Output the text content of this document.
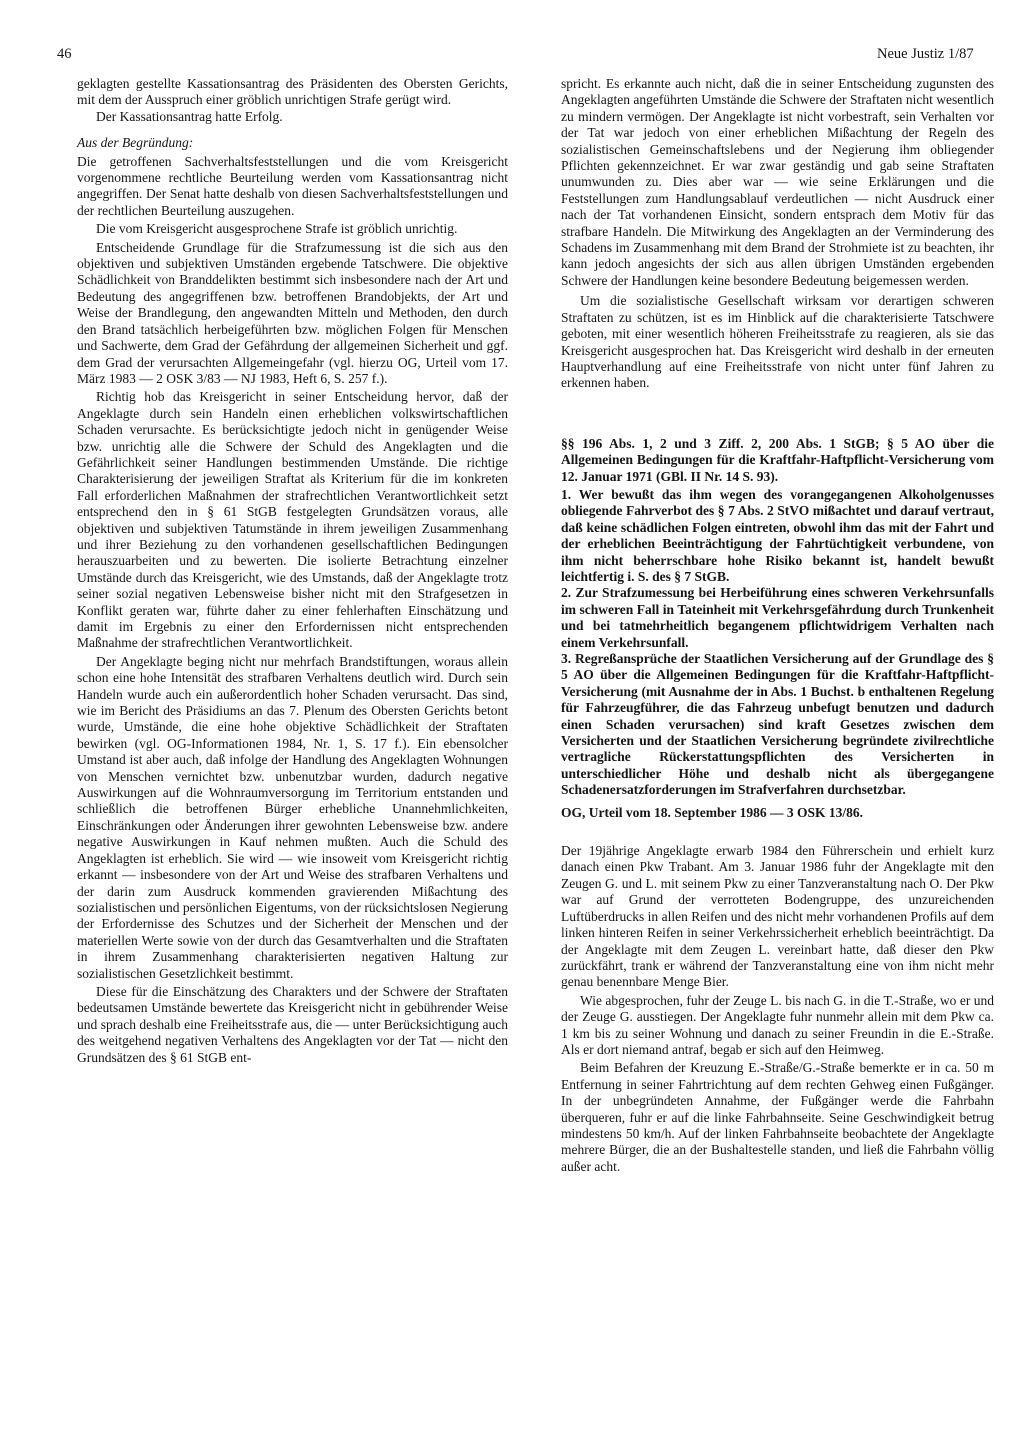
46	Neue Justiz 1/87

geklagten gestellte Kassationsantrag des Präsidenten des Obersten Gerichts, mit dem der Ausspruch einer gröblich unrichtigen Strafe gerügt wird.

Der Kassationsantrag hatte Erfolg.

Aus der Begründung:

Die getroffenen Sachverhaltsfeststellungen und die vom Kreisgericht vorgenommene rechtliche Beurteilung werden vom Kassationsantrag nicht angegriffen. Der Senat hatte deshalb von diesen Sachverhaltsfeststellungen und der rechtlichen Beurteilung auszugehen.

Die vom Kreisgericht ausgesprochene Strafe ist gröblich unrichtig.

Entscheidende Grundlage für die Strafzumessung ist die sich aus den objektiven und subjektiven Umständen ergebende Tatschwere. Die objektive Schädlichkeit von Branddelikten bestimmt sich insbesondere nach der Art und Bedeutung des angegriffenen bzw. betroffenen Brandobjekts, der Art und Weise der Brandlegung, den angewandten Mitteln und Methoden, den durch den Brand tatsächlich herbeigeführten bzw. möglichen Folgen für Menschen und Sachwerte, dem Grad der Gefährdung der allgemeinen Sicherheit und ggf. dem Grad der verursachten Allgemeingefahr (vgl. hierzu OG, Urteil vom 17. März 1983 — 2 OSK 3/83 — NJ 1983, Heft 6, S. 257 f.).

Richtig hob das Kreisgericht in seiner Entscheidung hervor, daß der Angeklagte durch sein Handeln einen erheblichen volkswirtschaftlichen Schaden verursachte. Es berücksichtigte jedoch nicht in genügender Weise bzw. unrichtig alle die Schwere der Schuld des Angeklagten und die Gefährlichkeit seiner Handlungen bestimmenden Umstände. Die richtige Charakterisierung der jeweiligen Straftat als Kriterium für die im konkreten Fall erforderlichen Maßnahmen der strafrechtlichen Verantwortlichkeit setzt entsprechend den in § 61 StGB festgelegten Grundsätzen voraus, alle objektiven und subjektiven Tatumstände in ihrem jeweiligen Zusammenhang und ihrer Beziehung zu den vorhandenen gesellschaftlichen Bedingungen herauszuarbeiten und zu bewerten. Die isolierte Betrachtung einzelner Umstände durch das Kreisgericht, wie des Umstands, daß der Angeklagte trotz seiner sozial negativen Lebensweise bisher nicht mit den Strafgesetzen in Konflikt geraten war, führte daher zu einer fehlerhaften Einschätzung und damit im Ergebnis zu einer den Erfordernissen nicht entsprechenden Maßnahme der strafrechtlichen Verantwortlichkeit.

Der Angeklagte beging nicht nur mehrfach Brandstiftungen, woraus allein schon eine hohe Intensität des strafbaren Verhaltens deutlich wird. Durch sein Handeln wurde auch ein außerordentlich hoher Schaden verursacht. Das sind, wie im Bericht des Präsidiums an das 7. Plenum des Obersten Gerichts betont wurde, Umstände, die eine hohe objektive Schädlichkeit der Straftaten bewirken (vgl. OG-Informationen 1984, Nr. 1, S. 17 f.). Ein ebensolcher Umstand ist aber auch, daß infolge der Handlung des Angeklagten Wohnungen von Menschen vernichtet bzw. unbenutzbar wurden, dadurch negative Auswirkungen auf die Wohnraumversorgung im Territorium entstanden und schließlich die betroffenen Bürger erhebliche Unannehmlichkeiten, Einschränkungen oder Änderungen ihrer gewohnten Lebensweise bzw. andere negative Auswirkungen in Kauf nehmen mußten. Auch die Schuld des Angeklagten ist erheblich. Sie wird — wie insoweit vom Kreisgericht richtig erkannt — insbesondere von der Art und Weise des strafbaren Verhaltens und der darin zum Ausdruck kommenden gravierenden Mißachtung des sozialistischen und persönlichen Eigentums, von der rücksichtslosen Negierung der Erfordernisse des Schutzes und der Sicherheit der Menschen und der materiellen Werte sowie von der durch das Gesamtverhalten und die Straftaten in ihrem Zusammenhang charakterisierten negativen Haltung zur sozialistischen Gesetzlichkeit bestimmt.

Diese für die Einschätzung des Charakters und der Schwere der Straftaten bedeutsamen Umstände bewertete das Kreisgericht nicht in gebührender Weise und sprach deshalb eine Freiheitsstrafe aus, die — unter Berücksichtigung auch des weitgehend negativen Verhaltens des Angeklagten vor der Tat — nicht den Grundsätzen des § 61 StGB ent-

spricht. Es erkannte auch nicht, daß die in seiner Entscheidung zugunsten des Angeklagten angeführten Umstände die Schwere der Straftaten nicht wesentlich zu mindern vermögen. Der Angeklagte ist nicht vorbestraft, sein Verhalten vor der Tat war jedoch von einer erheblichen Mißachtung der Regeln des sozialistischen Gemeinschaftslebens und der Negierung ihm obliegender Pflichten gekennzeichnet. Er war zwar geständig und gab seine Straftaten unumwunden zu. Dies aber war — wie seine Erklärungen und die Feststellungen zum Handlungsablauf verdeutlichen — nicht Ausdruck einer nach der Tat vorhandenen Einsicht, sondern entsprach dem Motiv für das strafbare Handeln. Die Mitwirkung des Angeklagten an der Verminderung des Schadens im Zusammenhang mit dem Brand der Strohmiete ist zu beachten, ihr kann jedoch angesichts der sich aus allen übrigen Umständen ergebenden Schwere der Handlungen keine besondere Bedeutung beigemessen werden.

Um die sozialistische Gesellschaft wirksam vor derartigen schweren Straftaten zu schützen, ist es im Hinblick auf die charakterisierte Tatschwere geboten, mit einer wesentlich höheren Freiheitsstrafe zu reagieren, als sie das Kreisgericht ausgesprochen hat. Das Kreisgericht wird deshalb in der erneuten Hauptverhandlung auf eine Freiheitsstrafe von nicht unter fünf Jahren zu erkennen haben.

§§ 196 Abs. 1, 2 und 3 Ziff. 2, 200 Abs. 1 StGB; § 5 AO über die Allgemeinen Bedingungen für die Kraftfahr-Haftpflicht-Versicherung vom 12. Januar 1971 (GBl. II Nr. 14 S. 93).

1. Wer bewußt das ihm wegen des vorangegangenen Alkoholgenusses obliegende Fahrverbot des § 7 Abs. 2 StVO mißachtet und darauf vertraut, daß keine schädlichen Folgen eintreten, obwohl ihm das mit der Fahrt und der erheblichen Beeinträchtigung der Fahrtüchtigkeit verbundene, von ihm nicht beherrschbare hohe Risiko bekannt ist, handelt bewußt leichtfertig i. S. des § 7 StGB.

2. Zur Strafzumessung bei Herbeiführung eines schweren Verkehrsunfalls im schweren Fall in Tateinheit mit Verkehrsgefährdung durch Trunkenheit und bei tatmehrheitlich begangenem pflichtwidrigem Verhalten nach einem Verkehrsunfall.

3. Regreßansprüche der Staatlichen Versicherung auf der Grundlage des § 5 AO über die Allgemeinen Bedingungen für die Kraftfahr-Haftpflicht-Versicherung (mit Ausnahme der in Abs. 1 Buchst. b enthaltenen Regelung für Fahrzeugführer, die das Fahrzeug unbefugt benutzen und dadurch einen Schaden verursachen) sind kraft Gesetzes zwischen dem Versicherten und der Staatlichen Versicherung begründete zivilrechtliche vertragliche Rückerstattungspflichten des Versicherten in unterschiedlicher Höhe und deshalb nicht als übergegangene Schadenersatzforderungen im Strafverfahren durchsetzbar.

OG, Urteil vom 18. September 1986 — 3 OSK 13/86.

Der 19jährige Angeklagte erwarb 1984 den Führerschein und erhielt kurz danach einen Pkw Trabant. Am 3. Januar 1986 fuhr der Angeklagte mit den Zeugen G. und L. mit seinem Pkw zu einer Tanzveranstaltung nach O. Der Pkw war auf Grund der verrotteten Bodengruppe, des unzureichenden Luftüberdrucks in allen Reifen und des nicht mehr vorhandenen Profils auf dem linken hinteren Reifen in seiner Verkehrssicherheit erheblich beeinträchtigt. Da der Angeklagte mit dem Zeugen L. vereinbart hatte, daß dieser den Pkw zurückfährt, trank er während der Tanzveranstaltung eine von ihm nicht mehr genau benennbare Menge Bier.

Wie abgesprochen, fuhr der Zeuge L. bis nach G. in die T.-Straße, wo er und der Zeuge G. ausstiegen. Der Angeklagte fuhr nunmehr allein mit dem Pkw ca. 1 km bis zu seiner Wohnung und danach zu seiner Freundin in die E.-Straße. Als er dort niemand antraf, begab er sich auf den Heimweg.

Beim Befahren der Kreuzung E.-Straße/G.-Straße bemerkte er in ca. 50 m Entfernung in seiner Fahrtrichtung auf dem rechten Gehweg einen Fußgänger. In der unbegründeten Annahme, der Fußgänger werde die Fahrbahn überqueren, fuhr er auf die linke Fahrbahnseite. Seine Geschwindigkeit betrug mindestens 50 km/h. Auf der linken Fahrbahnseite beobachtete der Angeklagte mehrere Bürger, die an der Bushaltestelle standen, und ließ die Fahrbahn völlig außer acht.
